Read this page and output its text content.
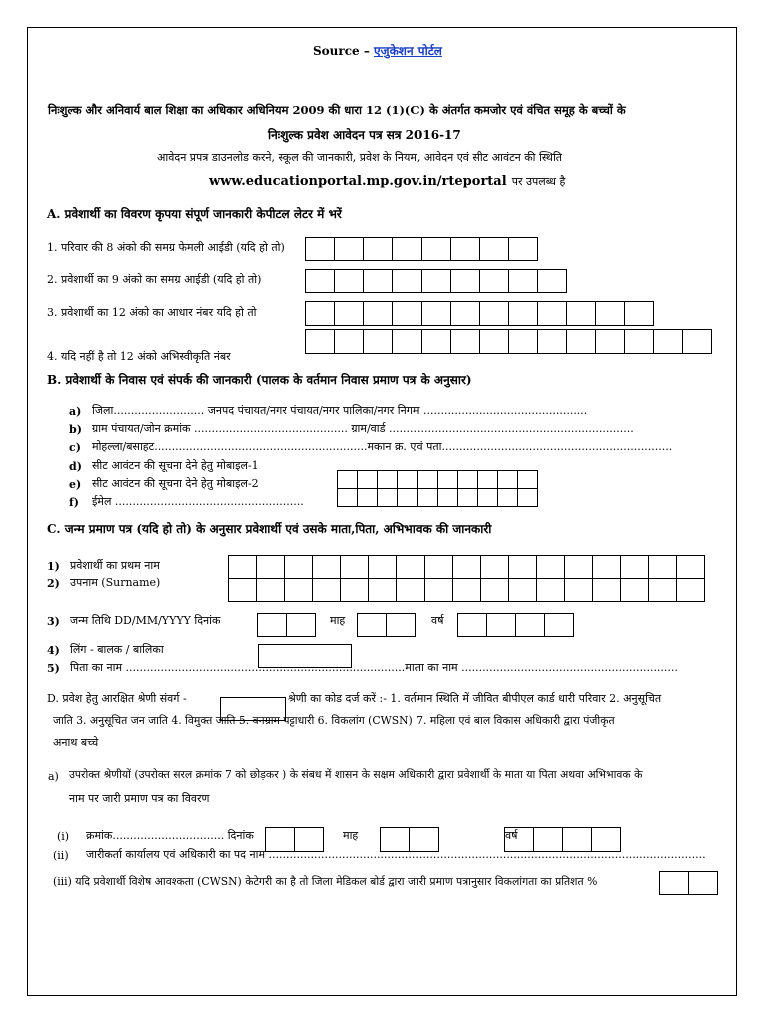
Source – एजुकेशन पोर्टल
निःशुल्क और अनिवार्य बाल शिक्षा का अधिकार अधिनियम 2009 की धारा 12 (1)(C) के अंतर्गत कमजोर एवं वंचित समूह के बच्चों के
निःशुल्क प्रवेश आवेदन पत्र सत्र 2016-17
आवेदन प्रपत्र डाउनलोड करने, स्कूल की जानकारी, प्रवेश के नियम, आवेदन एवं सीट आवंटन की स्थिति
www.educationportal.mp.gov.in/rteportal पर उपलब्ध है
A. प्रवेशार्थी का विवरण कृपया संपूर्ण जानकारी केपीटल लेटर में भरें
1. परिवार की 8 अंको की समग्र फेमली आईडी (यदि हो तो)
2. प्रवेशार्थी का 9 अंको का समग्र आईडी (यदि हो तो)
3. प्रवेशार्थी का 12 अंको का आधार नंबर यदि हो तो
4. यदि नहीं है तो 12 अंको अभिस्वीकृति नंबर
B. प्रवेशार्थी के निवास एवं संपर्क की जानकारी (पालक के वर्तमान निवास प्रमाण पत्र के अनुसार)
a) जिला.......................... जनपद पंचायत/नगर पंचायत/नगर पालिका/नगर निगम ...............................................
b) ग्राम पंचायत/जोन क्रमांक ............................................ ग्राम/वार्ड ......................................................................
c) मोहल्ला/बसाहट.............................................................मकान क्र. एवं पता..................................................................
d) सीट आवंटन की सूचना देने हेतु मोबाइल-1
e) सीट आवंटन की सूचना देने हेतु मोबाइल-2
f) ईमेल ......................................................
C. जन्म प्रमाण पत्र (यदि हो तो) के अनुसार प्रवेशार्थी एवं उसके माता,पिता, अभिभावक की जानकारी
1) प्रवेशार्थी का प्रथम नाम
2) उपनाम (Surname)
3) जन्म तिथि DD/MM/YYYY दिनांक	माह	वर्ष
4) लिंग - बालक / बालिका
5) पिता का नाम ................................................................................माता का नाम ..............................................................
D. प्रवेश हेतु आरक्षित श्रेणी संवर्ग -	श्रेणी का कोड दर्ज करें :- 1. वर्तमान स्थिति में जीवित बीपीएल कार्ड धारी परिवार 2. अनुसूचित
जाति 3. अनुसूचित जन जाति 4. विमुक्त जाति 5. वनग्राम पट्टाधारी 6. विकलांग (CWSN) 7. महिला एवं बाल विकास अधिकारी द्वारा पंजीकृत
अनाथ बच्चे
a) उपरोक्त श्रेणीयों (उपरोक्त सरल क्रमांक 7 को छोड़कर ) के संबध में शासन के सक्षम अधिकारी द्वारा प्रवेशार्थी के माता या पिता अथवा अभिभावक के
नाम पर जारी प्रमाण पत्र का विवरण
(i) क्रमांक................................ दिनांक	माह	वर्ष
(ii) जारीकर्ता कार्यालय एवं अधिकारी का पद नाम .............................................................................................................................
(iii) यदि प्रवेशार्थी विशेष आवश्कता (CWSN) केटेगरी का है तो जिला मेडिकल बोर्ड द्वारा जारी प्रमाण पत्रानुसार विकलांगता का प्रतिशत %
